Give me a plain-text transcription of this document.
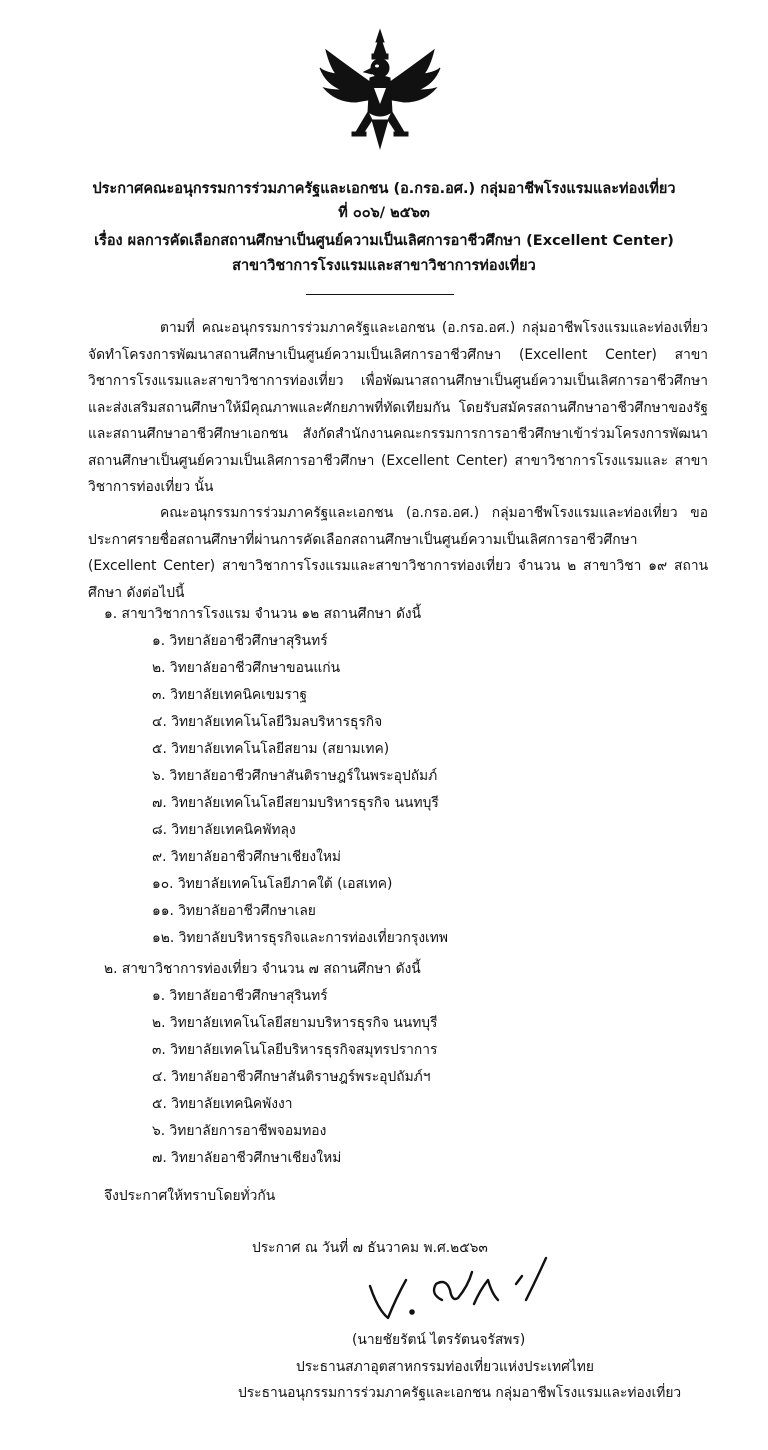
ประกาศคณะอนุกรรมการร่วมภาครัฐและเอกชน (อ.กรอ.อศ.) กลุ่มอาชีพโรงแรมและท่องเที่ยว
ที่ ๐๐๖/ ๒๕๖๓
เรื่อง ผลการคัดเลือกสถานศึกษาเป็นศูนย์ความเป็นเลิศการอาชีวศึกษา (Excellent Center)
สาขาวิชาการโรงแรมและสาขาวิชาการท่องเที่ยว

ตามที่ คณะอนุกรรมการร่วมภาครัฐและเอกชน (อ.กรอ.อศ.) กลุ่มอาชีพโรงแรมและท่องเที่ยว จัดทำโครงการพัฒนาสถานศึกษาเป็นศูนย์ความเป็นเลิศการอาชีวศึกษา (Excellent Center) สาขาวิชาการโรงแรมและสาขาวิชาการท่องเที่ยว เพื่อพัฒนาสถานศึกษาเป็นศูนย์ความเป็นเลิศการอาชีวศึกษา และส่งเสริมสถานศึกษาให้มีคุณภาพและศักยภาพที่ทัดเทียมกัน โดยรับสมัครสถานศึกษาอาชีวศึกษาของรัฐ และสถานศึกษาอาชีวศึกษาเอกชน สังกัดสำนักงานคณะกรรมการการอาชีวศึกษาเข้าร่วมโครงการพัฒนา สถานศึกษาเป็นศูนย์ความเป็นเลิศการอาชีวศึกษา (Excellent Center) สาขาวิชาการโรงแรมและ สาขาวิชาการท่องเที่ยว นั้น

คณะอนุกรรมการร่วมภาครัฐและเอกชน (อ.กรอ.อศ.) กลุ่มอาชีพโรงแรมและท่องเที่ยว ขอประกาศรายชื่อสถานศึกษาที่ผ่านการคัดเลือกสถานศึกษาเป็นศูนย์ความเป็นเลิศการอาชีวศึกษา (Excellent Center) สาขาวิชาการโรงแรมและสาขาวิชาการท่องเที่ยว จำนวน ๒ สาขาวิชา ๑๙ สถานศึกษา ดังต่อไปนี้

๑. สาขาวิชาการโรงแรม จำนวน ๑๒ สถานศึกษา ดังนี้
๑. วิทยาลัยอาชีวศึกษาสุรินทร์
๒. วิทยาลัยอาชีวศึกษาขอนแก่น
๓. วิทยาลัยเทคนิคเขมราฐ
๔. วิทยาลัยเทคโนโลยีวิมลบริหารธุรกิจ
๕. วิทยาลัยเทคโนโลยีสยาม (สยามเทค)
๖. วิทยาลัยอาชีวศึกษาสันติราษฎร์ในพระอุปถัมภ์
๗. วิทยาลัยเทคโนโลยีสยามบริหารธุรกิจ นนทบุรี
๘. วิทยาลัยเทคนิคพัทลุง
๙. วิทยาลัยอาชีวศึกษาเชียงใหม่
๑๐. วิทยาลัยเทคโนโลยีภาคใต้ (เอสเทค)
๑๑. วิทยาลัยอาชีวศึกษาเลย
๑๒. วิทยาลัยบริหารธุรกิจและการท่องเที่ยวกรุงเทพ
๒. สาขาวิชาการท่องเที่ยว จำนวน ๗ สถานศึกษา ดังนี้
๑. วิทยาลัยอาชีวศึกษาสุรินทร์
๒. วิทยาลัยเทคโนโลยีสยามบริหารธุรกิจ นนทบุรี
๓. วิทยาลัยเทคโนโลยีบริหารธุรกิจสมุทรปราการ
๔. วิทยาลัยอาชีวศึกษาสันติราษฎร์พระอุปถัมภ์ฯ
๕. วิทยาลัยเทคนิคพังงา
๖. วิทยาลัยการอาชีพจอมทอง
๗. วิทยาลัยอาชีวศึกษาเชียงใหม่
จึงประกาศให้ทราบโดยทั่วกัน
ประกาศ ณ วันที่ ๗ ธันวาคม พ.ศ.๒๕๖๓
(นายชัยรัตน์ ไตรรัตนจรัสพร)
ประธานสภาอุตสาหกรรมท่องเที่ยวแห่งประเทศไทย
ประธานอนุกรรมการร่วมภาครัฐและเอกชน กลุ่มอาชีพโรงแรมและท่องเที่ยว
